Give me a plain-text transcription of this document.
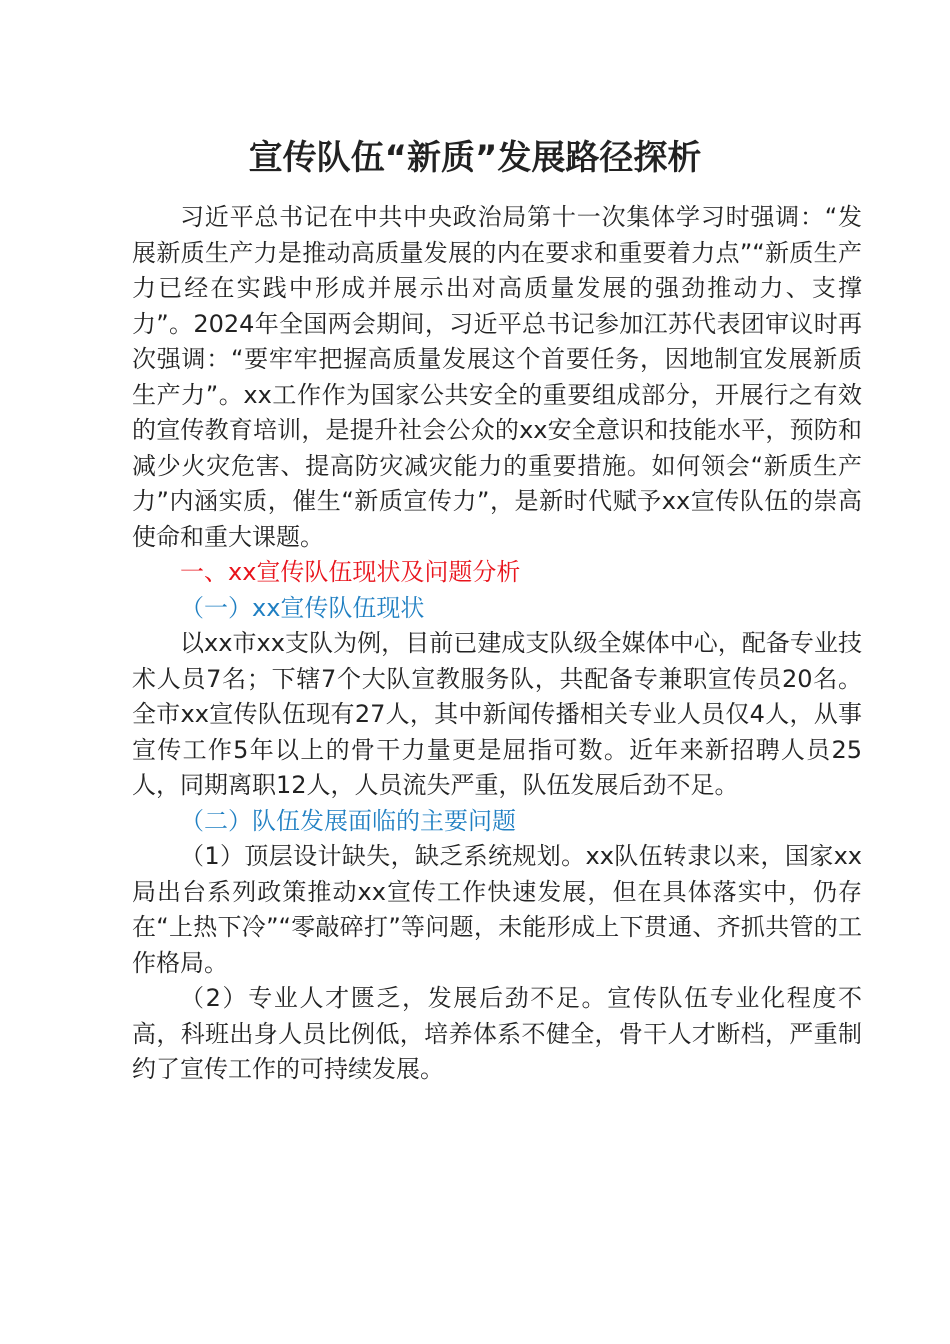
宣传队伍“新质”发展路径探析

习近平总书记在中共中央政治局第十一次集体学习时强调：“发展新质生产力是推动高质量发展的内在要求和重要着力点”“新质生产力已经在实践中形成并展示出对高质量发展的强劲推动力、支撑力”。2024年全国两会期间，习近平总书记参加江苏代表团审议时再次强调：“要牢牢把握高质量发展这个首要任务，因地制宜发展新质生产力”。xx工作作为国家公共安全的重要组成部分，开展行之有效的宣传教育培训，是提升社会公众的xx安全意识和技能水平，预防和减少火灾危害、提高防灾减灾能力的重要措施。如何领会“新质生产力”内涵实质，催生“新质宣传力”，是新时代赋予xx宣传队伍的崇高使命和重大课题。

一、xx宣传队伍现状及问题分析

（一）xx宣传队伍现状

以xx市xx支队为例，目前已建成支队级全媒体中心，配备专业技术人员7名；下辖7个大队宣教服务队，共配备专兼职宣传员20名。全市xx宣传队伍现有27人，其中新闻传播相关专业人员仅4人，从事宣传工作5年以上的骨干力量更是屈指可数。近年来新招聘人员25人，同期离职12人，人员流失严重，队伍发展后劲不足。

（二）队伍发展面临的主要问题

（1）顶层设计缺失，缺乏系统规划。xx队伍转隶以来，国家xx局出台系列政策推动xx宣传工作快速发展，但在具体落实中，仍存在“上热下冷”“零敲碎打”等问题，未能形成上下贯通、齐抓共管的工作格局。

（2）专业人才匮乏，发展后劲不足。宣传队伍专业化程度不高，科班出身人员比例低，培养体系不健全，骨干人才断档，严重制约了宣传工作的可持续发展。
